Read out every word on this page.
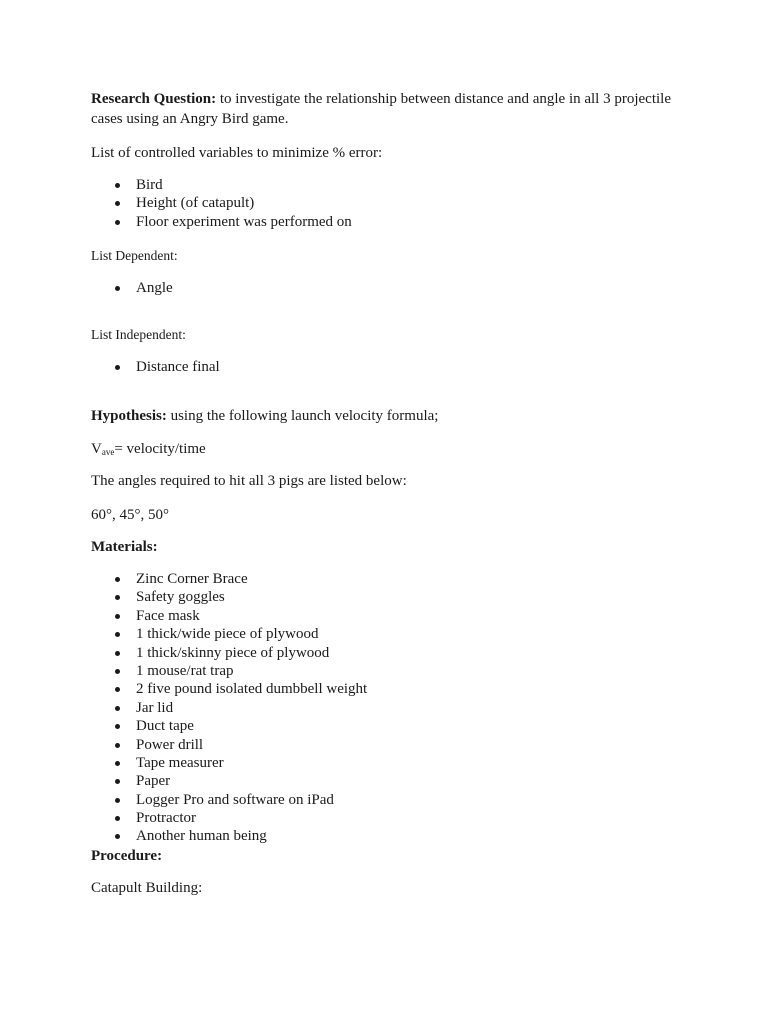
Research Question: to investigate the relationship between distance and angle in all 3 projectile cases using an Angry Bird game.

List of controlled variables to minimize % error:

Bird
Height (of catapult)
Floor experiment was performed on

List Dependent:

Angle

List Independent:

Distance final

Hypothesis: using the following launch velocity formula;

$V_{ave}=$ velocity/time

The angles required to hit all 3 pigs are listed below:

60°, 45°, 50°

Materials:

Zinc Corner Brace
Safety goggles
Face mask
1 thick/wide piece of plywood
1 thick/skinny piece of plywood
1 mouse/rat trap
2 five pound isolated dumbbell weight
Jar lid
Duct tape
Power drill
Tape measurer
Paper
Logger Pro and software on iPad
Protractor
Another human being

Procedure:

Catapult Building:
